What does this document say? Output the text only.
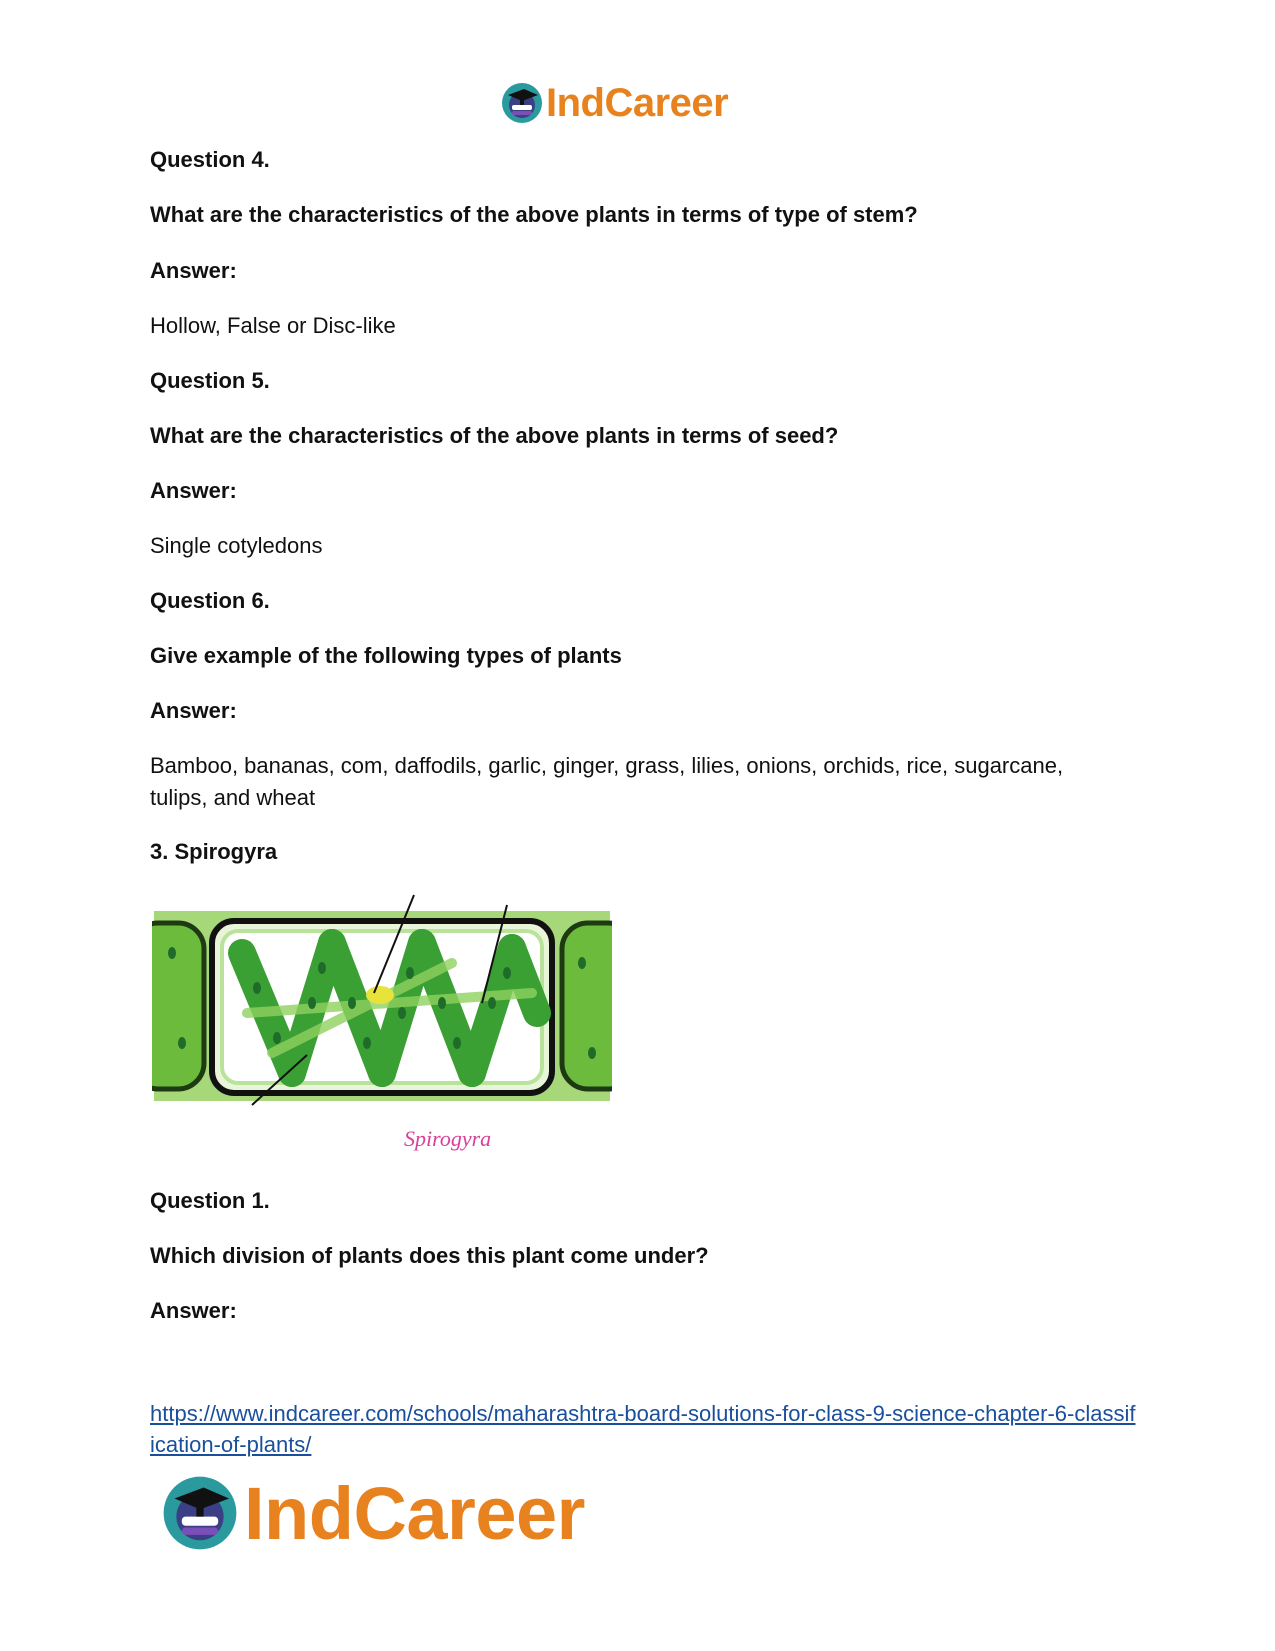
IndCareer
Question 4.
What are the characteristics of the above plants in terms of type of stem?
Answer:
Hollow, False or Disc-like
Question 5.
What are the characteristics of the above plants in terms of seed?
Answer:
Single cotyledons
Question 6.
Give example of the following types of plants
Answer:
Bamboo, bananas, com, daffodils, garlic, ginger, grass, lilies, onions, orchids, rice, sugarcane, tulips, and wheat
3. Spirogyra
Spirogyra
Question 1.
Which division of plants does this plant come under?
Answer:
https://www.indcareer.com/schools/maharashtra-board-solutions-for-class-9-science-chapter-6-classification-of-plants/
IndCareer
